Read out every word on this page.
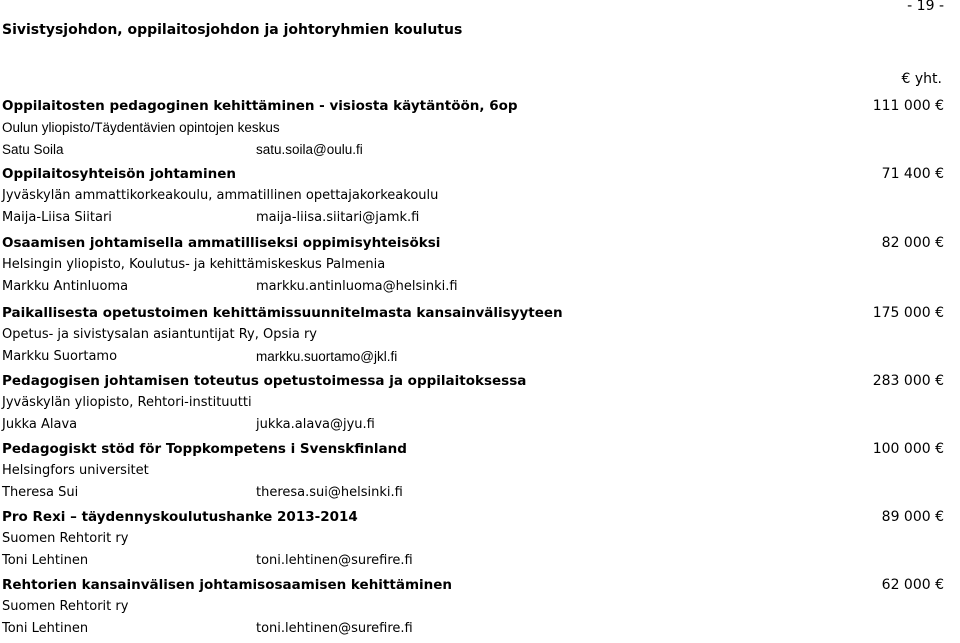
- 19 -
Sivistysjohdon, oppilaitosjohdon ja johtoryhmien koulutus
€ yht.
Oppilaitosten pedagoginen kehittäminen - visiosta käytäntöön, 6op	111 000 €
Oulun yliopisto/Täydentävien opintojen keskus
Satu Soila	satu.soila@oulu.fi
Oppilaitosyhteisön johtaminen	71 400 €
Jyväskylän ammattikorkeakoulu, ammatillinen opettajakorkeakoulu
Maija-Liisa Siitari	maija-liisa.siitari@jamk.fi
Osaamisen johtamisella ammatilliseksi oppimisyhteisöksi	82 000 €
Helsingin yliopisto, Koulutus- ja kehittämiskeskus Palmenia
Markku Antinluoma	markku.antinluoma@helsinki.fi
Paikallisesta opetustoimen kehittämissuunnitelmasta kansainvälisyyteen	175 000 €
Opetus- ja sivistysalan asiantuntijat Ry, Opsia ry
Markku Suortamo	markku.suortamo@jkl.fi
Pedagogisen johtamisen toteutus opetustoimessa ja oppilaitoksessa	283 000 €
Jyväskylän yliopisto, Rehtori-instituutti
Jukka Alava	jukka.alava@jyu.fi
Pedagogiskt stöd för Toppkompetens i Svenskfinland	100 000 €
Helsingfors universitet
Theresa Sui	theresa.sui@helsinki.fi
Pro Rexi – täydennyskoulutushanke 2013-2014	89 000 €
Suomen Rehtorit ry
Toni Lehtinen	toni.lehtinen@surefire.fi
Rehtorien kansainvälisen johtamisosaamisen kehittäminen	62 000 €
Suomen Rehtorit ry
Toni Lehtinen	toni.lehtinen@surefire.fi
